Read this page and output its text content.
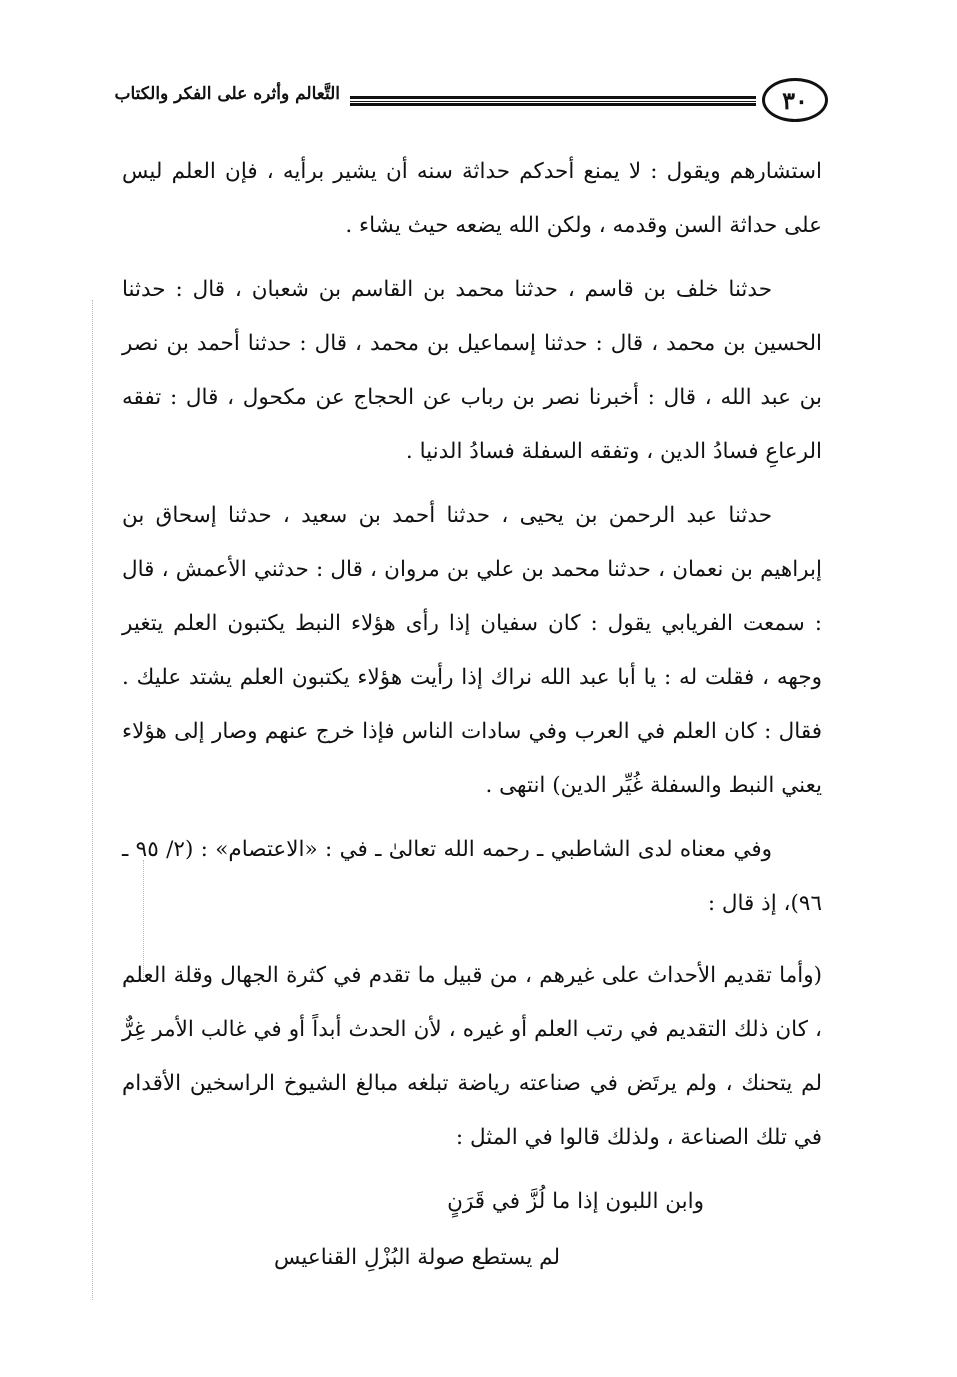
٣٠
التَّعالم وأثره على الفكر والكتاب

استشارهم ويقول : لا يمنع أحدكم حداثة سنه أن يشير برأيه ، فإن العلم ليس على حداثة السن وقدمه ، ولكن الله يضعه حيث يشاء .

حدثنا خلف بن قاسم ، حدثنا محمد بن القاسم بن شعبان ، قال : حدثنا الحسين بن محمد ، قال : حدثنا إسماعيل بن محمد ، قال : حدثنا أحمد بن نصر بن عبد الله ، قال : أخبرنا نصر بن رباب عن الحجاج عن مكحول ، قال : تفقه الرعاعِ فسادُ الدين ، وتفقه السفلة فسادُ الدنيا .

حدثنا عبد الرحمن بن يحيى ، حدثنا أحمد بن سعيد ، حدثنا إسحاق بن إبراهيم بن نعمان ، حدثنا محمد بن علي بن مروان ، قال : حدثني الأعمش ، قال : سمعت الفريابي يقول : كان سفيان إذا رأى هؤلاء النبط يكتبون العلم يتغير وجهه ، فقلت له : يا أبا عبد الله نراك إذا رأيت هؤلاء يكتبون العلم يشتد عليك . فقال : كان العلم في العرب وفي سادات الناس فإذا خرج عنهم وصار إلى هؤلاء يعني النبط والسفلة غُيِّر الدين) انتهى .

وفي معناه لدى الشاطبي ـ رحمه الله تعالىٰ ـ في : «الاعتصام» : (٢/ ٩٥ ـ ٩٦)، إذ قال :

(وأما تقديم الأحداث على غيرهم ، من قبيل ما تقدم في كثرة الجهال وقلة العلم ، كان ذلك التقديم في رتب العلم أو غيره ، لأن الحدث أبداً أو في غالب الأمر غِرٌّ لم يتحنك ، ولم يرتَض في صناعته رياضة تبلغه مبالغ الشيوخ الراسخين الأقدام في تلك الصناعة ، ولذلك قالوا في المثل :

وابن اللبون إذا ما لُزَّ في قَرَنٍ
لم يستطع صولة البُزْلِ القناعيس
